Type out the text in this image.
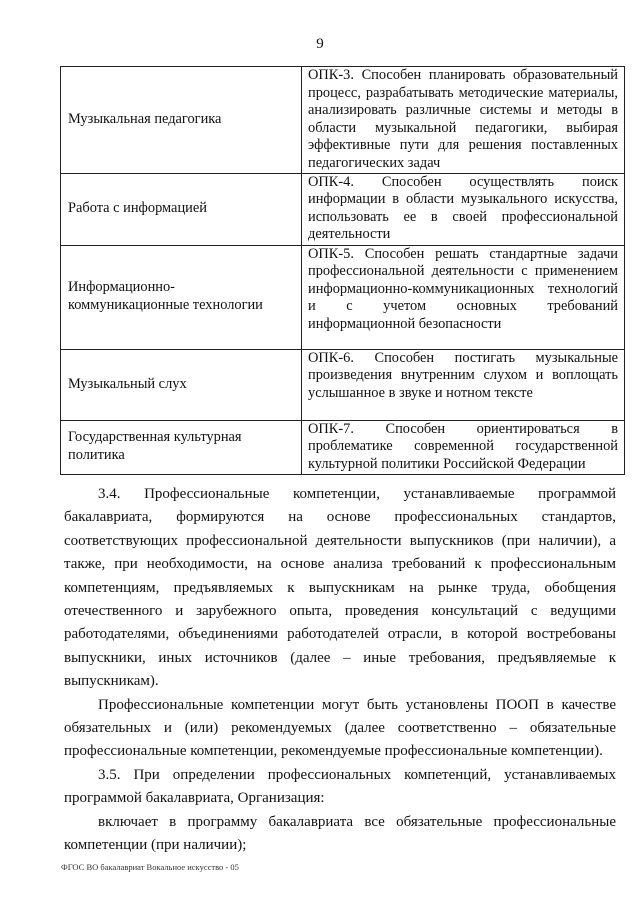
9
Музыкальная педагогика	ОПК-3. Способен планировать образовательный процесс, разрабатывать методические материалы, анализировать различные системы и методы в области музыкальной педагогики, выбирая эффективные пути для решения поставленных педагогических задач
Работа с информацией	ОПК-4. Способен осуществлять поиск информации в области музыкального искусства, использовать ее в своей профессиональной деятельности
Информационно-коммуникационные технологии	ОПК-5. Способен решать стандартные задачи профессиональной деятельности с применением информационно-коммуникационных технологий и с учетом основных требований информационной безопасности
Музыкальный слух	ОПК-6. Способен постигать музыкальные произведения внутренним слухом и воплощать услышанное в звуке и нотном тексте
Государственная культурная политика	ОПК-7. Способен ориентироваться в проблематике современной государственной культурной политики Российской Федерации

3.4. Профессиональные компетенции, устанавливаемые программой бакалавриата, формируются на основе профессиональных стандартов, соответствующих профессиональной деятельности выпускников (при наличии), а также, при необходимости, на основе анализа требований к профессиональным компетенциям, предъявляемых к выпускникам на рынке труда, обобщения отечественного и зарубежного опыта, проведения консультаций с ведущими работодателями, объединениями работодателей отрасли, в которой востребованы выпускники, иных источников (далее – иные требования, предъявляемые к выпускникам).

Профессиональные компетенции могут быть установлены ПООП в качестве обязательных и (или) рекомендуемых (далее соответственно – обязательные профессиональные компетенции, рекомендуемые профессиональные компетенции).

3.5. При определении профессиональных компетенций, устанавливаемых программой бакалавриата, Организация:

включает в программу бакалавриата все обязательные профессиональные компетенции (при наличии);

ФГОС ВО бакалавриат Вокальное искусство - 05
